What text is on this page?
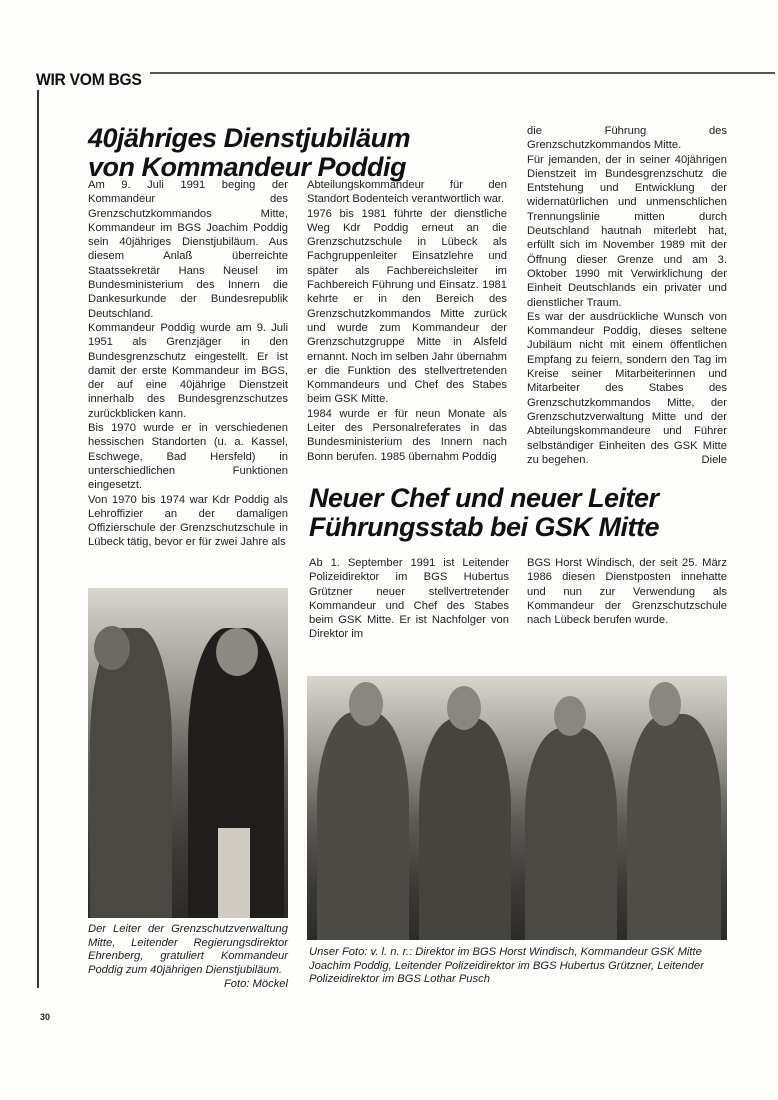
WIR VOM BGS
40jähriges Dienstjubiläum
von Kommandeur Poddig

Am 9. Juli 1991 beging der Kommandeur des Grenzschutzkommandos Mitte, Kommandeur im BGS Joachim Poddig sein 40jähriges Dienstjubiläum. Aus diesem Anlaß überreichte Staatssekretär Hans Neusel im Bundesministerium des Innern die Dankesurkunde der Bundesrepublik Deutschland.

Kommandeur Poddig wurde am 9. Juli 1951 als Grenzjäger in den Bundesgrenzschutz eingestellt. Er ist damit der erste Kommandeur im BGS, der auf eine 40jährige Dienstzeit innerhalb des Bundesgrenzschutzes zurückblicken kann.

Bis 1970 wurde er in verschiedenen hessischen Standorten (u. a. Kassel, Eschwege, Bad Hersfeld) in unterschiedlichen Funktionen eingesetzt.

Von 1970 bis 1974 war Kdr Poddig als Lehroffizier an der damaligen Offizierschule der Grenzschutzschule in Lübeck tätig, bevor er für zwei Jahre als

Abteilungskommandeur für den Standort Bodenteich verantwortlich war.

1976 bis 1981 führte der dienstliche Weg Kdr Poddig erneut an die Grenzschutzschule in Lübeck als Fachgruppenleiter Einsatzlehre und später als Fachbereichsleiter im Fachbereich Führung und Einsatz. 1981 kehrte er in den Bereich des Grenzschutzkommandos Mitte zurück und wurde zum Kommandeur der Grenzschutzgruppe Mitte in Alsfeld ernannt. Noch im selben Jahr übernahm er die Funktion des stellvertretenden Kommandeurs und Chef des Stabes beim GSK Mitte.

1984 wurde er für neun Monate als Leiter des Personalreferates in das Bundesministerium des Innern nach Bonn berufen. 1985 übernahm Poddig

die Führung des Grenzschutzkommandos Mitte.

Für jemanden, der in seiner 40jährigen Dienstzeit im Bundesgrenzschutz die Entstehung und Entwicklung der widernatürlichen und unmenschlichen Trennungslinie mitten durch Deutschland hautnah miterlebt hat, erfüllt sich im November 1989 mit der Öffnung dieser Grenze und am 3. Oktober 1990 mit Verwirklichung der Einheit Deutschlands ein privater und dienstlicher Traum.

Es war der ausdrückliche Wunsch von Kommandeur Poddig, dieses seltene Jubiläum nicht mit einem öffentlichen Empfang zu feiern, sondern den Tag im Kreise seiner Mitarbeiterinnen und Mitarbeiter des Stabes des Grenzschutzkommandos Mitte, der Grenzschutzverwaltung Mitte und der Abteilungskommandeure und Führer selbständiger Einheiten des GSK Mitte zu begehen.	Diele

Neuer Chef und neuer Leiter
Führungsstab bei GSK Mitte

Ab 1. September 1991 ist Leitender Polizeidirektor im BGS Hubertus Grützner neuer stellvertretender Kommandeur und Chef des Stabes beim GSK Mitte. Er ist Nachfolger von Direktor im

BGS Horst Windisch, der seit 25. März 1986 diesen Dienstposten innehatte und nun zur Verwendung als Kommandeur der Grenzschutzschule nach Lübeck berufen wurde.

Der Leiter der Grenzschutzverwaltung Mitte, Leitender Regierungsdirektor Ehrenberg, gratuliert Kommandeur Poddig zum 40jährigen Dienstjubiläum.
Foto: Möckel
Unser Foto: v. l. n. r.: Direktor im BGS Horst Windisch, Kommandeur GSK Mitte Joachim Poddig, Leitender Polizeidirektor im BGS Hubertus Grützner, Leitender Polizeidirektor im BGS Lothar Pusch
30
